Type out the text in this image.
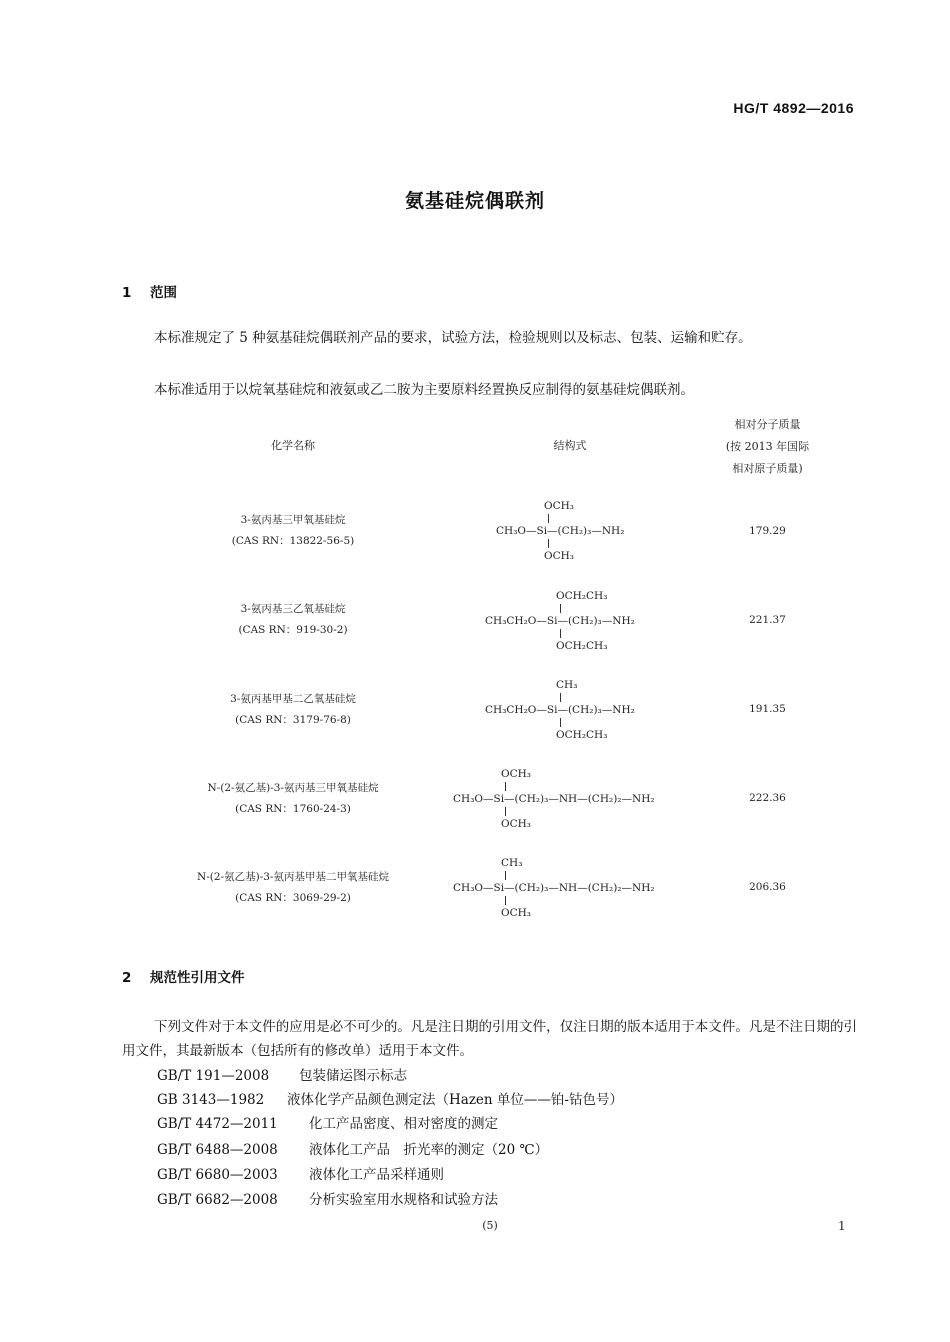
HG/T 4892—2016
氨基硅烷偶联剂
1 范围
本标准规定了 5 种氨基硅烷偶联剂产品的要求，试验方法，检验规则以及标志、包装、运输和贮存。
本标准适用于以烷氧基硅烷和液氨或乙二胺为主要原料经置换反应制得的氨基硅烷偶联剂。
化学名称	结构式
相对分子质量
(按 2013 年国际
相对原子质量)
3-氨丙基三甲氧基硅烷
(CAS RN：13822-56-5)
OCH₃
CH₃O—Si—(CH₂)₃—NH₂
OCH₃
179.29
3-氨丙基三乙氧基硅烷
(CAS RN：919-30-2)
OCH₂CH₃
CH₃CH₂O—Si—(CH₂)₃—NH₂
OCH₂CH₃
221.37
3-氨丙基甲基二乙氧基硅烷
(CAS RN：3179-76-8)
CH₃
CH₃CH₂O—Si—(CH₂)₃—NH₂
OCH₂CH₃
191.35
N-(2-氨乙基)-3-氨丙基三甲氧基硅烷
(CAS RN：1760-24-3)
OCH₃
CH₃O—Si—(CH₂)₃—NH—(CH₂)₂—NH₂
OCH₃
222.36
N-(2-氨乙基)-3-氨丙基甲基二甲氧基硅烷
(CAS RN：3069-29-2)
CH₃
CH₃O—Si—(CH₂)₃—NH—(CH₂)₂—NH₂
OCH₃
206.36
2 规范性引用文件
下列文件对于本文件的应用是必不可少的。凡是注日期的引用文件，仅注日期的版本适用于本文件。凡是不注日期的引用文件，其最新版本（包括所有的修改单）适用于本文件。
GB/T 191—2008 包装储运图示标志
GB 3143—1982 液体化学产品颜色测定法（Hazen 单位——铂-钴色号）
GB/T 4472—2011 化工产品密度、相对密度的测定
GB/T 6488—2008 液体化工产品　折光率的测定（20 ℃）
GB/T 6680—2003 液体化工产品采样通则
GB/T 6682—2008 分析实验室用水规格和试验方法
(5)	1
